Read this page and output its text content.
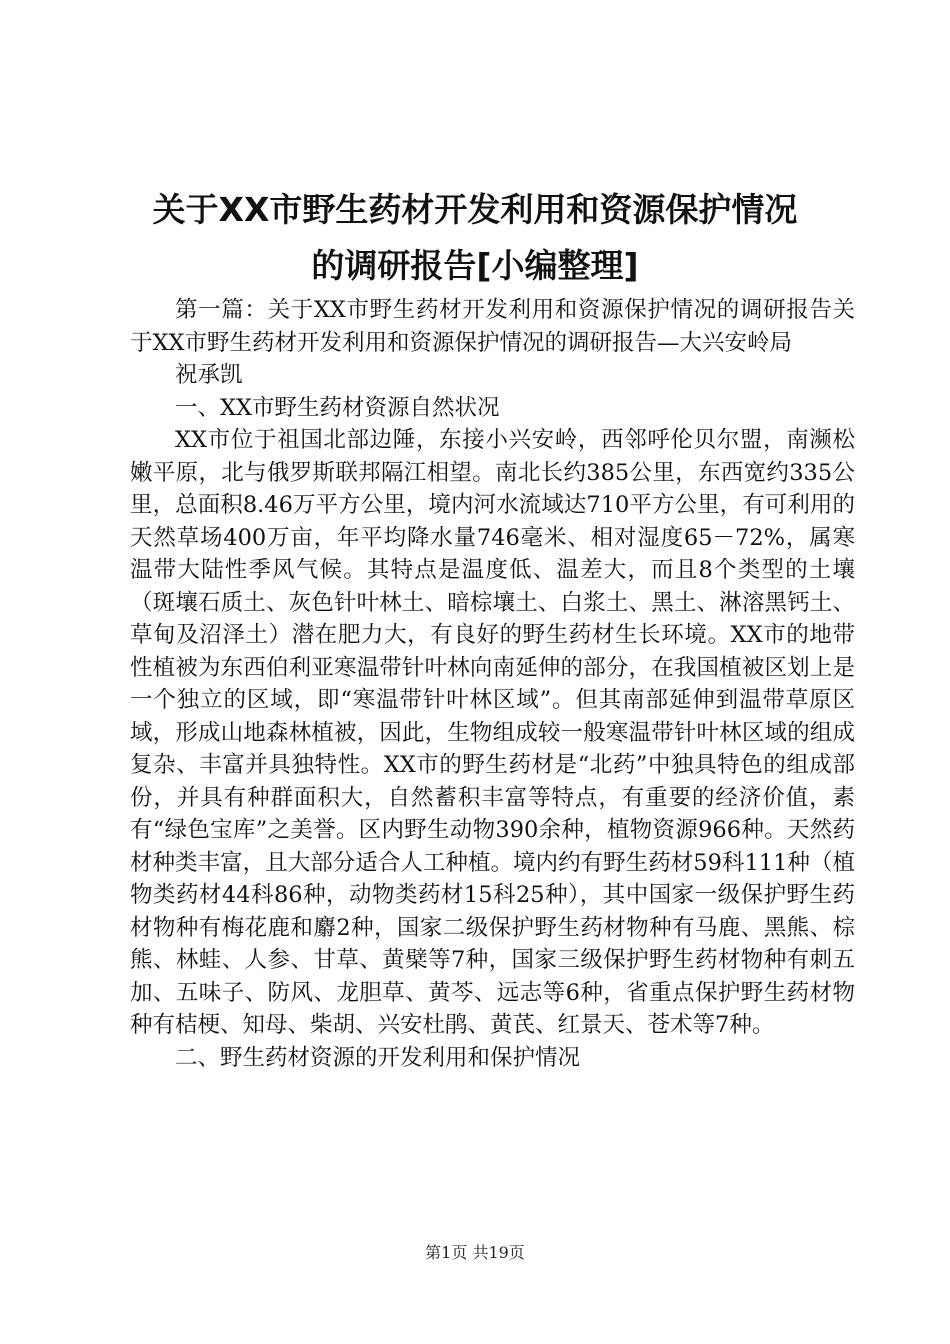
关于XX市野生药材开发利用和资源保护情况
的调研报告[小编整理]

第一篇：关于XX市野生药材开发利用和资源保护情况的调研报告关于XX市野生药材开发利用和资源保护情况的调研报告—大兴安岭局

祝承凯

一、XX市野生药材资源自然状况

XX市位于祖国北部边陲，东接小兴安岭，西邻呼伦贝尔盟，南濒松嫩平原，北与俄罗斯联邦隔江相望。南北长约385公里，东西宽约335公里，总面积8.46万平方公里，境内河水流域达710平方公里，有可利用的天然草场400万亩，年平均降水量746毫米、相对湿度65－72%，属寒温带大陆性季风气候。其特点是温度低、温差大，而且8个类型的土壤（斑壤石质土、灰色针叶林土、暗棕壤土、白浆土、黑土、淋溶黑钙土、草甸及沼泽土）潜在肥力大，有良好的野生药材生长环境。XX市的地带性植被为东西伯利亚寒温带针叶林向南延伸的部分，在我国植被区划上是一个独立的区域，即“寒温带针叶林区域”。但其南部延伸到温带草原区域，形成山地森林植被，因此，生物组成较一般寒温带针叶林区域的组成复杂、丰富并具独特性。XX市的野生药材是“北药”中独具特色的组成部份，并具有种群面积大，自然蓄积丰富等特点，有重要的经济价值，素有“绿色宝库”之美誉。区内野生动物390余种，植物资源966种。天然药材种类丰富，且大部分适合人工种植。境内约有野生药材59科111种（植物类药材44科86种，动物类药材15科25种），其中国家一级保护野生药材物种有梅花鹿和麝2种，国家二级保护野生药材物种有马鹿、黑熊、棕熊、林蛙、人参、甘草、黄檗等7种，国家三级保护野生药材物种有刺五加、五味子、防风、龙胆草、黄芩、远志等6种，省重点保护野生药材物种有桔梗、知母、柴胡、兴安杜鹃、黄芪、红景天、苍术等7种。

二、野生药材资源的开发利用和保护情况

第1页 共19页
